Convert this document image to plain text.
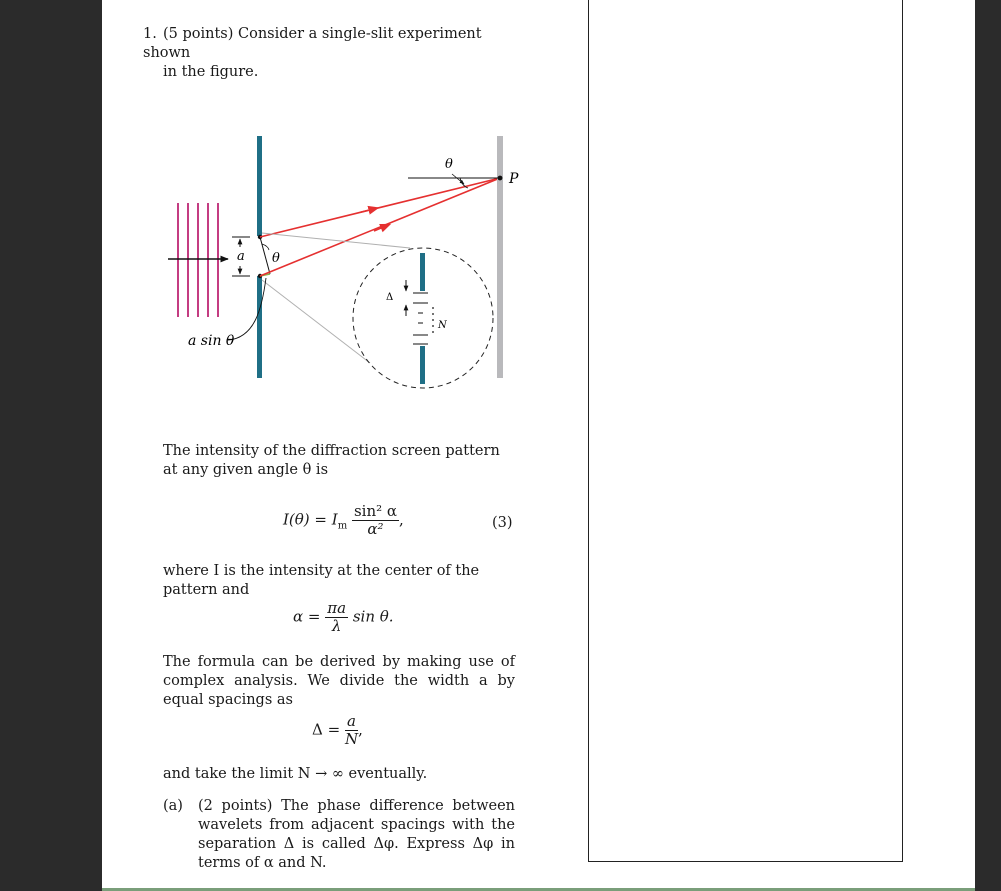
1. (5 points) Consider a single-slit experiment shown
in the figure.
a θ
P
θ
Δ
N
a sin θ
The intensity of the diffraction screen pattern at any given angle θ is
$I(\theta) = I_m \frac{\text{sin² α}}{\text{α²}}$ ,	(3)
where I is the intensity at the center of the pattern and
$\alpha = \frac{\pi a}{\lambda}$ sin θ.
The formula can be derived by making use of complex analysis. We divide the width a by equal spacings as
$\Delta = \frac{a}{N}$ ,
and take the limit N → ∞ eventually.
(a) (2 points) The phase difference between wavelets from adjacent spacings with the separation Δ is called Δφ. Express Δφ in terms of α and N.
